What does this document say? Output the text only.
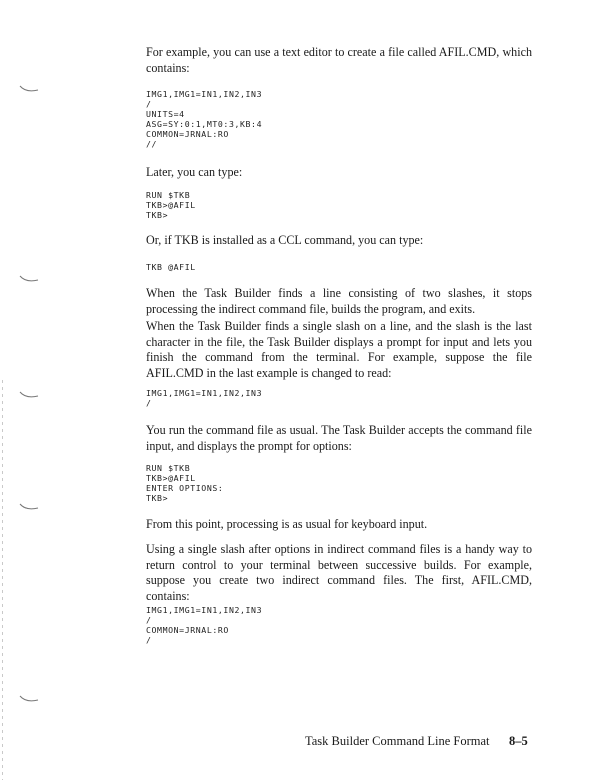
For example, you can use a text editor to create a file called AFIL.CMD, which contains:

IMG1,IMG1=IN1,IN2,IN3
/
UNITS=4
ASG=SY:0:1,MT0:3,KB:4
COMMON=JRNAL:RO
//

Later, you can type:

RUN $TKB
TKB>@AFIL
TKB>

Or, if TKB is installed as a CCL command, you can type:

TKB @AFIL

When the Task Builder finds a line consisting of two slashes, it stops processing the indirect command file, builds the program, and exits.

When the Task Builder finds a single slash on a line, and the slash is the last character in the file, the Task Builder displays a prompt for input and lets you finish the command from the terminal. For example, suppose the file AFIL.CMD in the last example is changed to read:

IMG1,IMG1=IN1,IN2,IN3
/

You run the command file as usual. The Task Builder accepts the command file input, and displays the prompt for options:

RUN $TKB
TKB>@AFIL
ENTER OPTIONS:
TKB>

From this point, processing is as usual for keyboard input.

Using a single slash after options in indirect command files is a handy way to return control to your terminal between successive builds. For example, suppose you create two indirect command files. The first, AFIL.CMD, contains:

IMG1,IMG1=IN1,IN2,IN3
/
COMMON=JRNAL:RO
/
Task Builder Command Line Format 8–5
